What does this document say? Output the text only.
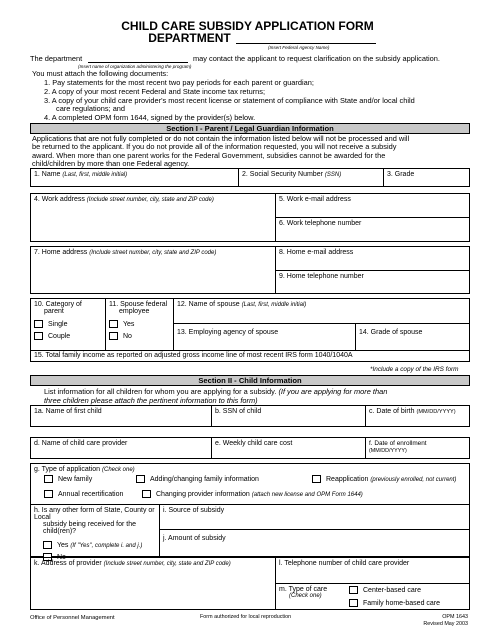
CHILD CARE SUBSIDY APPLICATION FORM
DEPARTMENT
(Insert Federal Agency Name)
The department	may contact the applicant to request clarification on the subsidy application.
(Insert name of organization administering the program)
You must attach the following documents:
1. Pay statements for the most recent two pay periods for each parent or guardian;
2. A copy of your most recent Federal and State income tax returns;
3. A copy of your child care provider's most recent license or statement of compliance with State and/or local child
care regulations; and
4. A completed OPM form 1644, signed by the provider(s) below.
Section I - Parent / Legal Guardian Information
Applications that are not fully completed or do not contain the information listed below will not be processed and will
be returned to the applicant. If you do not provide all of the information requested, you will not receive a subsidy
award. When more than one parent works for the Federal Government, subsidies cannot be awarded for the
child/children by more than one Federal agency.
1. Name (Last, first, middle initial)	2. Social Security Number (SSN)	3. Grade
4. Work address (Include street number, city, state and ZIP code)	5. Work e-mail address
6. Work telephone number
7. Home address (Include street number, city, state and ZIP code)	8. Home e-mail address
9. Home telephone number
10. Category of
parent
Single
Couple
11. Spouse federal
employee
Yes
No
12. Name of spouse (Last, first, middle initial)
13. Employing agency of spouse	14. Grade of spouse
15. Total family income as reported on adjusted gross income line of most recent IRS form 1040/1040A
*Include a copy of the IRS form
Section II - Child Information
List information for all children for whom you are applying for a subsidy. (If you are applying for more than
three children please attach the pertinent information to this form)
1a. Name of first child	b. SSN of child	c. Date of birth (MM/DD/YYYY)
d. Name of child care provider	e. Weekly child care cost	f. Date of enrollment (MM/DD/YYYY)
g. Type of application (Check one)
New family	Adding/changing family information	Reapplication (previously enrolled, not current)
Annual recertification	Changing provider information (attach new license and OPM Form 1644)
h. Is any other form of State, County or Local
subsidy being received for the child(ren)?
Yes (If "Yes", complete i. and j.)
No
i. Source of subsidy
j. Amount of subsidy
k. Address of provider (Include street number, city, state and ZIP code)	l. Telephone number of child care provider
m. Type of care
(Check one)
Center-based care
Family home-based care
Office of Personnel Management	Form authorized for local reproduction	OPM 1643
Revised May 2003
